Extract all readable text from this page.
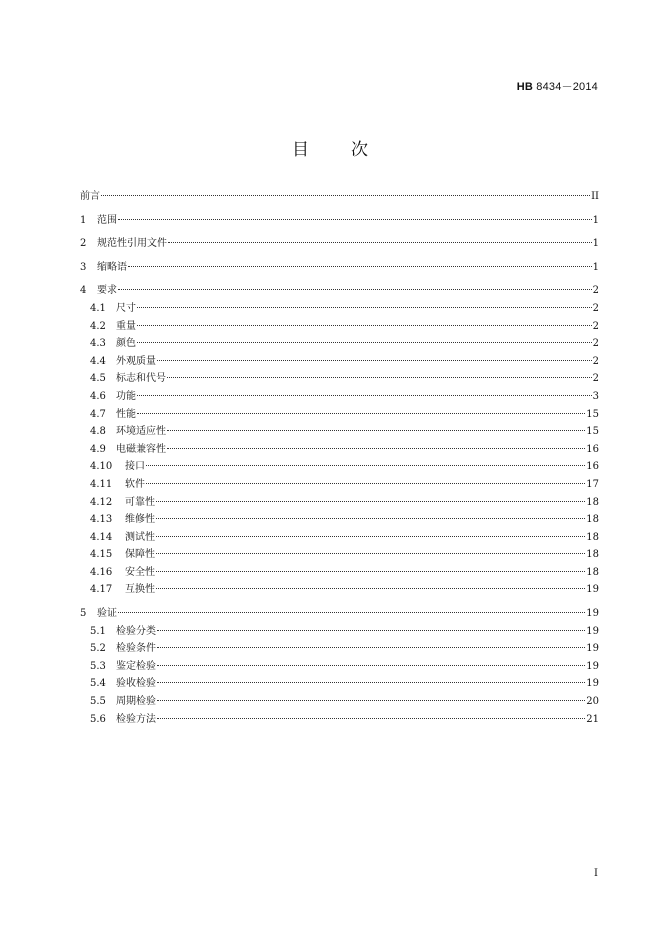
HB 8434－2014
目 次
前言	II
1	范围	1
2	规范性引用文件	1
3	缩略语	1
4	要求	2
4.1	尺寸	2
4.2	重量	2
4.3	颜色	2
4.4	外观质量	2
4.5	标志和代号	2
4.6	功能	3
4.7	性能	15
4.8	环境适应性	15
4.9	电磁兼容性	16
4.10	接口	16
4.11	软件	17
4.12	可靠性	18
4.13	维修性	18
4.14	测试性	18
4.15	保障性	18
4.16	安全性	18
4.17	互换性	19
5	验证	19
5.1	检验分类	19
5.2	检验条件	19
5.3	鉴定检验	19
5.4	验收检验	19
5.5	周期检验	20
5.6	检验方法	21
I
